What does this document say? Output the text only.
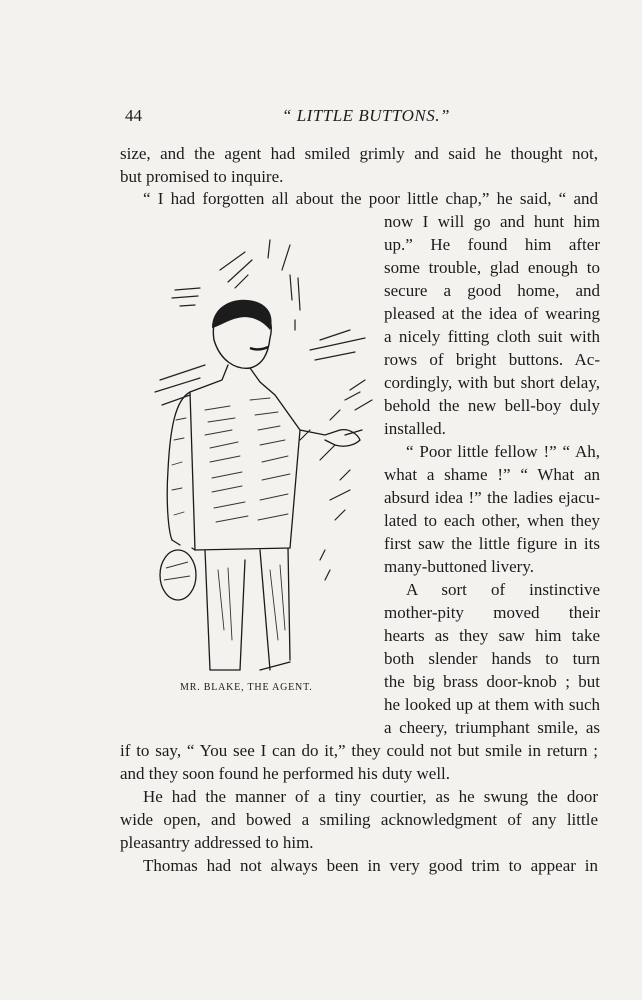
44	“ LITTLE BUTTONS.”
size, and the agent had smiled grimly and said he thought not,
but promised to inquire.
“ I had forgotten all about the poor little chap,” he said, “ and
now I will go and hunt him
up.” He found him after
some trouble, glad enough to
secure a good home, and
pleased at the idea of wearing
a nicely fitting cloth suit with
rows of bright buttons. Ac-
cordingly, with but short delay,
behold the new bell-boy duly
installed.
“ Poor little fellow !” “ Ah,
what a shame !” “ What an
absurd idea !” the ladies ejacu-
lated to each other, when they
first saw the little figure in its
many-buttoned livery.
A sort of instinctive
mother-pity moved their
hearts as they saw him take
both slender hands to turn
the big brass door-knob ; but
he looked up at them with such
a cheery, triumphant smile, as
if to say, “ You see I can do it,” they could not but smile in return ;
and they soon found he performed his duty well.
He had the manner of a tiny courtier, as he swung the door
wide open, and bowed a smiling acknowledgment of any little
pleasantry addressed to him.
Thomas had not always been in very good trim to appear in
MR. BLAKE, THE AGENT.
